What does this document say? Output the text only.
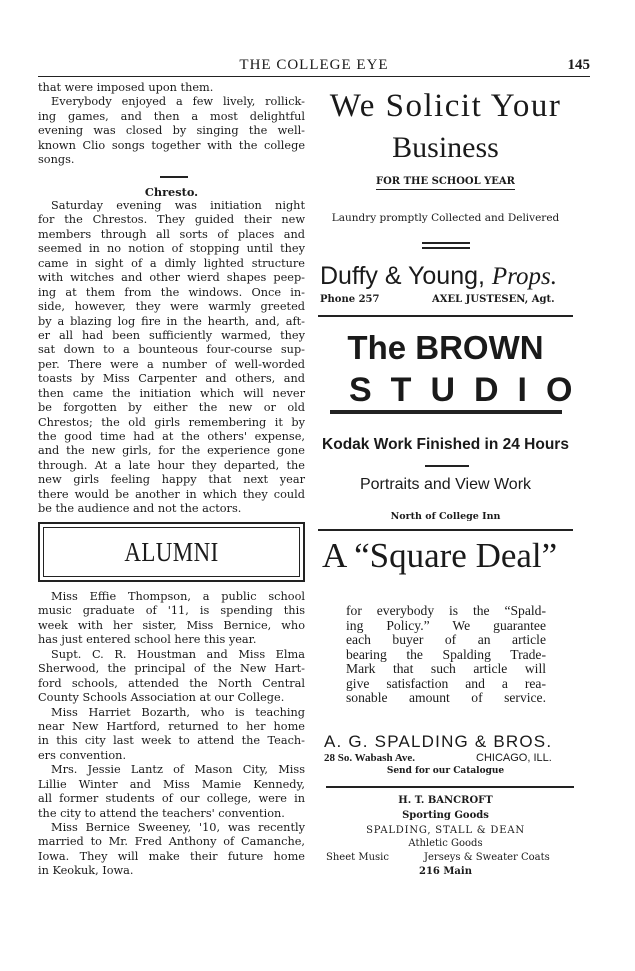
THE COLLEGE EYE	145
that were imposed upon them.
Everybody enjoyed a few lively, rollick-
ing games, and then a most delightful
evening was closed by singing the well-
known Clio songs together with the college
songs.
Chresto.
Saturday evening was initiation night
for the Chrestos. They guided their new
members through all sorts of places and
seemed in no notion of stopping until they
came in sight of a dimly lighted structure
with witches and other wierd shapes peep-
ing at them from the windows. Once in-
side, however, they were warmly greeted
by a blazing log fire in the hearth, and, aft-
er all had been sufficiently warmed, they
sat down to a bounteous four-course sup-
per. There were a number of well-worded
toasts by Miss Carpenter and others, and
then came the initiation which will never
be forgotten by either the new or old
Chrestos; the old girls remembering it by
the good time had at the others' expense,
and the new girls, for the experience gone
through. At a late hour they departed, the
new girls feeling happy that next year
there would be another in which they could
be the audience and not the actors.
ALUMNI
Miss Effie Thompson, a public school
music graduate of '11, is spending this
week with her sister, Miss Bernice, who
has just entered school here this year.
Supt. C. R. Houstman and Miss Elma
Sherwood, the principal of the New Hart-
ford schools, attended the North Central
County Schools Association at our College.
Miss Harriet Bozarth, who is teaching
near New Hartford, returned to her home
in this city last week to attend the Teach-
ers convention.
Mrs. Jessie Lantz of Mason City, Miss
Lillie Winter and Miss Mamie Kennedy,
all former students of our college, were in
the city to attend the teachers' convention.
Miss Bernice Sweeney, '10, was recently
married to Mr. Fred Anthony of Camanche,
Iowa. They will make their future home
in Keokuk, Iowa.
We Solicit Your
Business
FOR THE SCHOOL YEAR
Laundry promptly Collected and Delivered
Duffy & Young, Props.
Phone 257	AXEL JUSTESEN, Agt.
The BROWN
STUDIO
Kodak Work Finished in 24 Hours
Portraits and View Work
North of College Inn
A “Square Deal”
for everybody is the “Spald-
ing Policy.” We guarantee
each buyer of an article
bearing the Spalding Trade-
Mark that such article will
give satisfaction and a rea-
sonable amount of service.
A. G. SPALDING & BROS.
28 So. Wabash Ave.	CHICAGO, ILL.
Send for our Catalogue
H. T. BANCROFT
Sporting Goods
SPALDING, STALL & DEAN
Athletic Goods
Sheet Music	Jerseys & Sweater Coats
216 Main
